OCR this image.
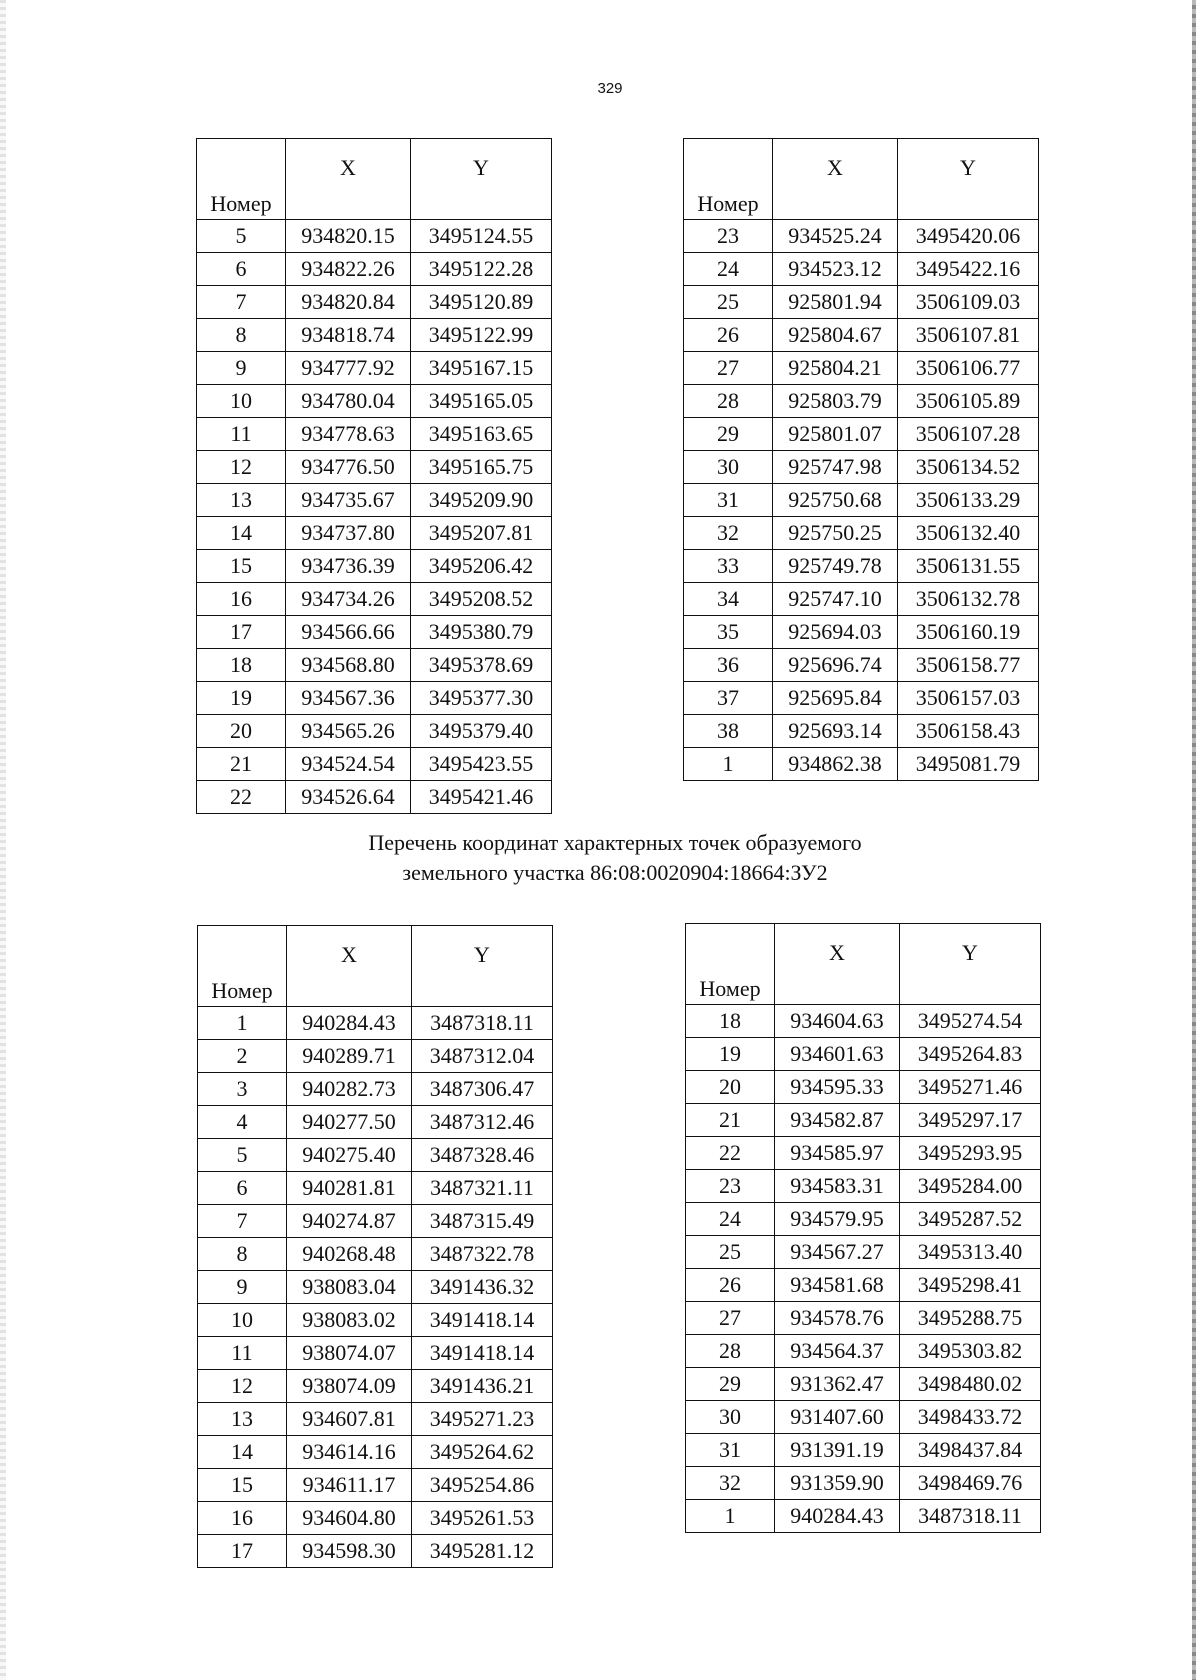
329
Номер	X	Y
5	934820.15	3495124.55
6	934822.26	3495122.28
7	934820.84	3495120.89
8	934818.74	3495122.99
9	934777.92	3495167.15
10	934780.04	3495165.05
11	934778.63	3495163.65
12	934776.50	3495165.75
13	934735.67	3495209.90
14	934737.80	3495207.81
15	934736.39	3495206.42
16	934734.26	3495208.52
17	934566.66	3495380.79
18	934568.80	3495378.69
19	934567.36	3495377.30
20	934565.26	3495379.40
21	934524.54	3495423.55
22	934526.64	3495421.46
Номер	X	Y
23	934525.24	3495420.06
24	934523.12	3495422.16
25	925801.94	3506109.03
26	925804.67	3506107.81
27	925804.21	3506106.77
28	925803.79	3506105.89
29	925801.07	3506107.28
30	925747.98	3506134.52
31	925750.68	3506133.29
32	925750.25	3506132.40
33	925749.78	3506131.55
34	925747.10	3506132.78
35	925694.03	3506160.19
36	925696.74	3506158.77
37	925695.84	3506157.03
38	925693.14	3506158.43
1	934862.38	3495081.79
Перечень координат характерных точек образуемого
земельного участка 86:08:0020904:18664:ЗУ2
Номер	X	Y
1	940284.43	3487318.11
2	940289.71	3487312.04
3	940282.73	3487306.47
4	940277.50	3487312.46
5	940275.40	3487328.46
6	940281.81	3487321.11
7	940274.87	3487315.49
8	940268.48	3487322.78
9	938083.04	3491436.32
10	938083.02	3491418.14
11	938074.07	3491418.14
12	938074.09	3491436.21
13	934607.81	3495271.23
14	934614.16	3495264.62
15	934611.17	3495254.86
16	934604.80	3495261.53
17	934598.30	3495281.12
Номер	X	Y
18	934604.63	3495274.54
19	934601.63	3495264.83
20	934595.33	3495271.46
21	934582.87	3495297.17
22	934585.97	3495293.95
23	934583.31	3495284.00
24	934579.95	3495287.52
25	934567.27	3495313.40
26	934581.68	3495298.41
27	934578.76	3495288.75
28	934564.37	3495303.82
29	931362.47	3498480.02
30	931407.60	3498433.72
31	931391.19	3498437.84
32	931359.90	3498469.76
1	940284.43	3487318.11
